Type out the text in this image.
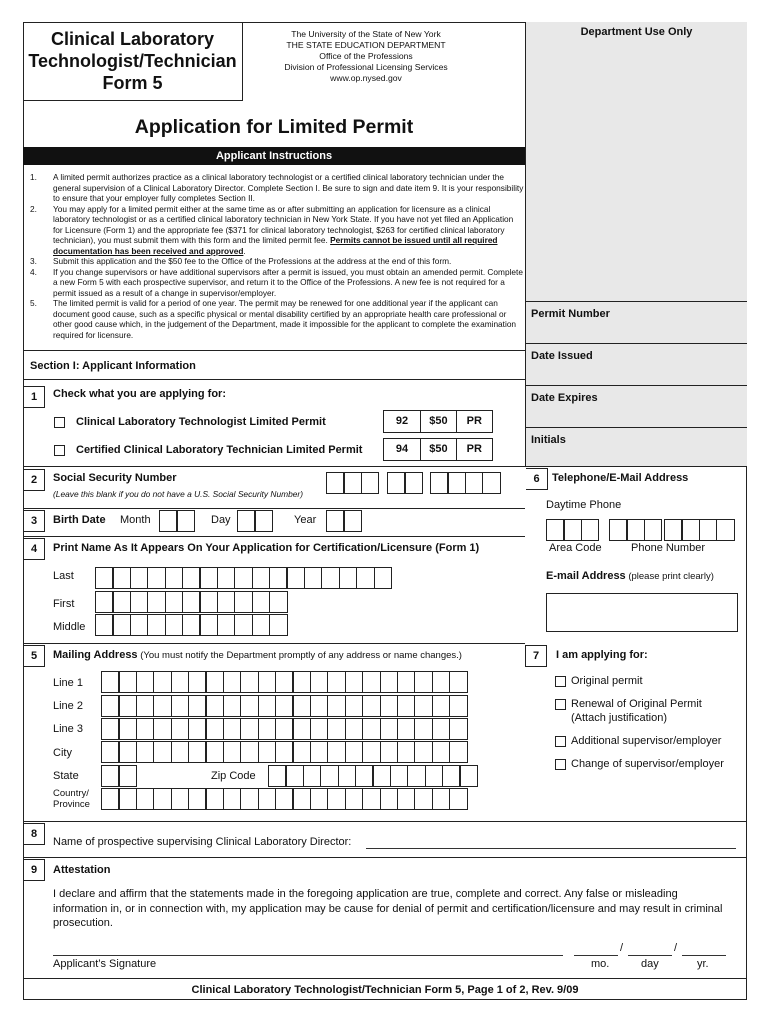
Clinical Laboratory
Technologist/Technician
Form 5
The University of the State of New York
THE STATE EDUCATION DEPARTMENT
Office of the Professions
Division of Professional Licensing Services
www.op.nysed.gov
Department Use Only
Permit Number
Date Issued
Date Expires
Initials
Application for Limited Permit
Applicant Instructions
1. A limited permit authorizes practice as a clinical laboratory technologist or a certified clinical laboratory technician under the general supervision of a Clinical Laboratory Director. Complete Section I. Be sure to sign and date item 9. It is your responsibility to ensure that your employer fully completes Section II.
2. You may apply for a limited permit either at the same time as or after submitting an application for licensure as a clinical laboratory technologist or as a certified clinical laboratory technician in New York State. If you have not yet filed an Application for Licensure (Form 1) and the appropriate fee ($371 for clinical laboratory technologist, $263 for certified clinical laboratory technician), you must submit them with this form and the limited permit fee. Permits cannot be issued until all required documentation has been received and approved.
3. Submit this application and the $50 fee to the Office of the Professions at the address at the end of this form.
4. If you change supervisors or have additional supervisors after a permit is issued, you must obtain an amended permit. Complete a new Form 5 with each prospective supervisor, and return it to the Office of the Professions. A new fee is not required for a permit issued as a result of a change in supervisor/employer.
5. The limited permit is valid for a period of one year. The permit may be renewed for one additional year if the applicant can document good cause, such as a specific physical or mental disability certified by an appropriate health care professional or other good cause which, in the judgement of the Department, made it impossible for the applicant to complete the examination required for licensure.
Section I: Applicant Information
1	Check what you are applying for:
Clinical Laboratory Technologist Limited Permit	92	$50	PR
Certified Clinical Laboratory Technician Limited Permit	94	$50	PR
2	Social Security Number
(Leave this blank if you do not have a U.S. Social Security Number)
6	Telephone/E-Mail Address
Daytime Phone
Area Code	Phone Number
E-mail Address (please print clearly)
3	Birth Date Month	Day	Year
4	Print Name As It Appears On Your Application for Certification/Licensure (Form 1)
Last
First
Middle
5	Mailing Address (You must notify the Department promptly of any address or name changes.)
Line 1
Line 2
Line 3
City
State	Zip Code
Country/
Province
7	I am applying for:
Original permit
Renewal of Original Permit
(Attach justification)
Additional supervisor/employer
Change of supervisor/employer
8
Name of prospective supervising Clinical Laboratory Director:
9	Attestation
I declare and affirm that the statements made in the foregoing application are true, complete and correct. Any false or misleading information in, or in connection with, my application may be cause for denial of permit and certification/licensure and may result in criminal prosecution.
Applicant’s Signature
/	/
mo.	day	yr.
Clinical Laboratory Technologist/Technician Form 5, Page 1 of 2, Rev. 9/09
